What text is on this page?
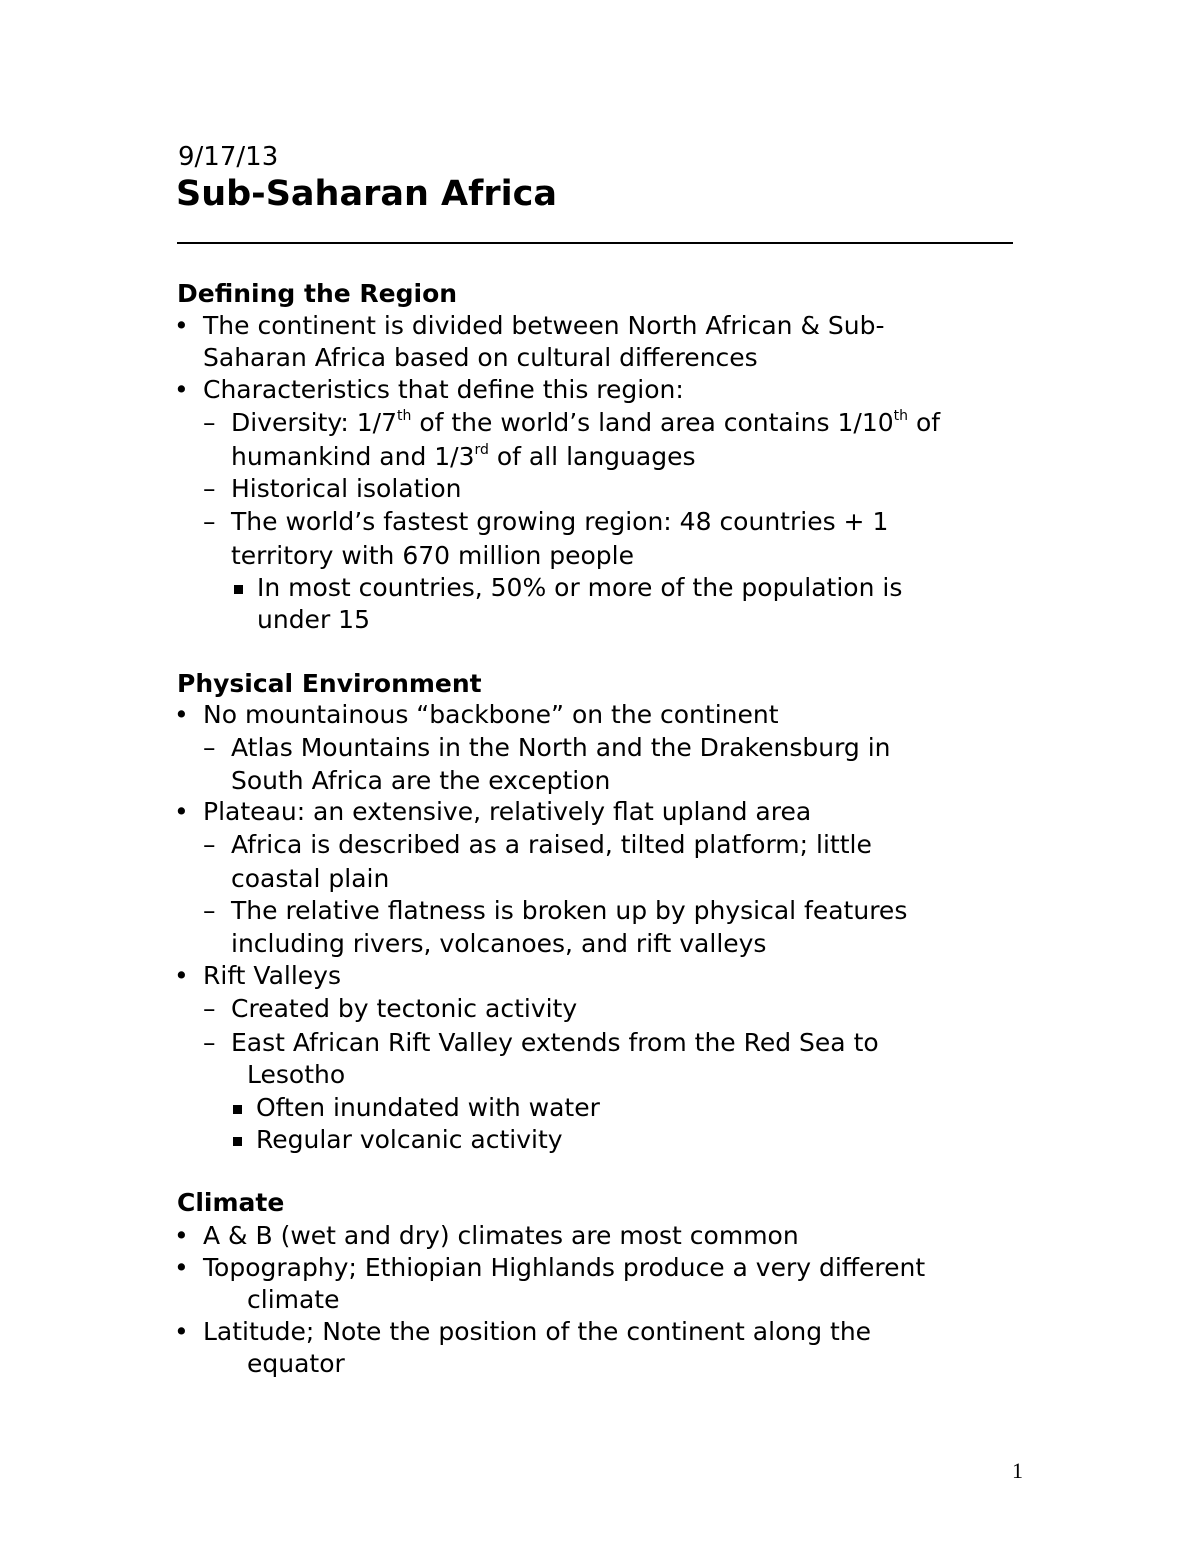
9/17/13
Sub-Saharan Africa
Defining the Region
• The continent is divided between North African & Sub-
Saharan Africa based on cultural differences
• Characteristics that define this region:
– Diversity: 1/7th of the world’s land area contains 1/10th of
humankind and 1/3rd of all languages
– Historical isolation
– The world’s fastest growing region: 48 countries + 1
territory with 670 million people
In most countries, 50% or more of the population is
under 15
Physical Environment
• No mountainous “backbone” on the continent
– Atlas Mountains in the North and the Drakensburg in
South Africa are the exception
• Plateau: an extensive, relatively flat upland area
– Africa is described as a raised, tilted platform; little
coastal plain
– The relative flatness is broken up by physical features
including rivers, volcanoes, and rift valleys
• Rift Valleys
– Created by tectonic activity
– East African Rift Valley extends from the Red Sea to
Lesotho
Often inundated with water
Regular volcanic activity
Climate
• A & B (wet and dry) climates are most common
• Topography; Ethiopian Highlands produce a very different
climate
• Latitude; Note the position of the continent along the
equator
1
